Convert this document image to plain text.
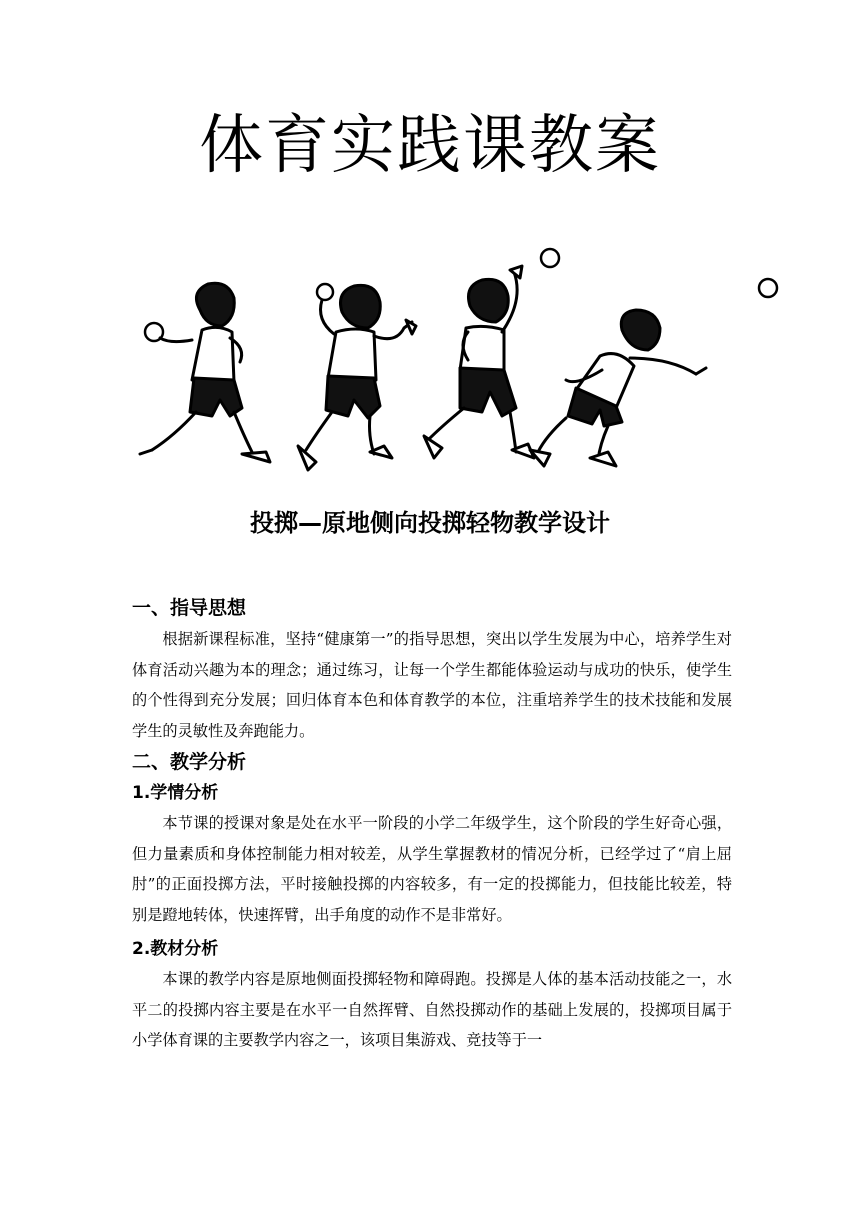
体育实践课教案
投掷—原地侧向投掷轻物教学设计
一、指导思想

根据新课程标准，坚持“健康第一”的指导思想，突出以学生发展为中心，培养学生对体育活动兴趣为本的理念；通过练习，让每一个学生都能体验运动与成功的快乐，使学生的个性得到充分发展；回归体育本色和体育教学的本位，注重培养学生的技术技能和发展学生的灵敏性及奔跑能力。

二、教学分析
1.学情分析

本节课的授课对象是处在水平一阶段的小学二年级学生，这个阶段的学生好奇心强，但力量素质和身体控制能力相对较差，从学生掌握教材的情况分析，已经学过了“肩上屈肘”的正面投掷方法，平时接触投掷的内容较多，有一定的投掷能力，但技能比较差，特别是蹬地转体，快速挥臂，出手角度的动作不是非常好。

2.教材分析

本课的教学内容是原地侧面投掷轻物和障碍跑。投掷是人体的基本活动技能之一，水平二的投掷内容主要是在水平一自然挥臂、自然投掷动作的基础上发展的，投掷项目属于小学体育课的主要教学内容之一，该项目集游戏、竞技等于一
